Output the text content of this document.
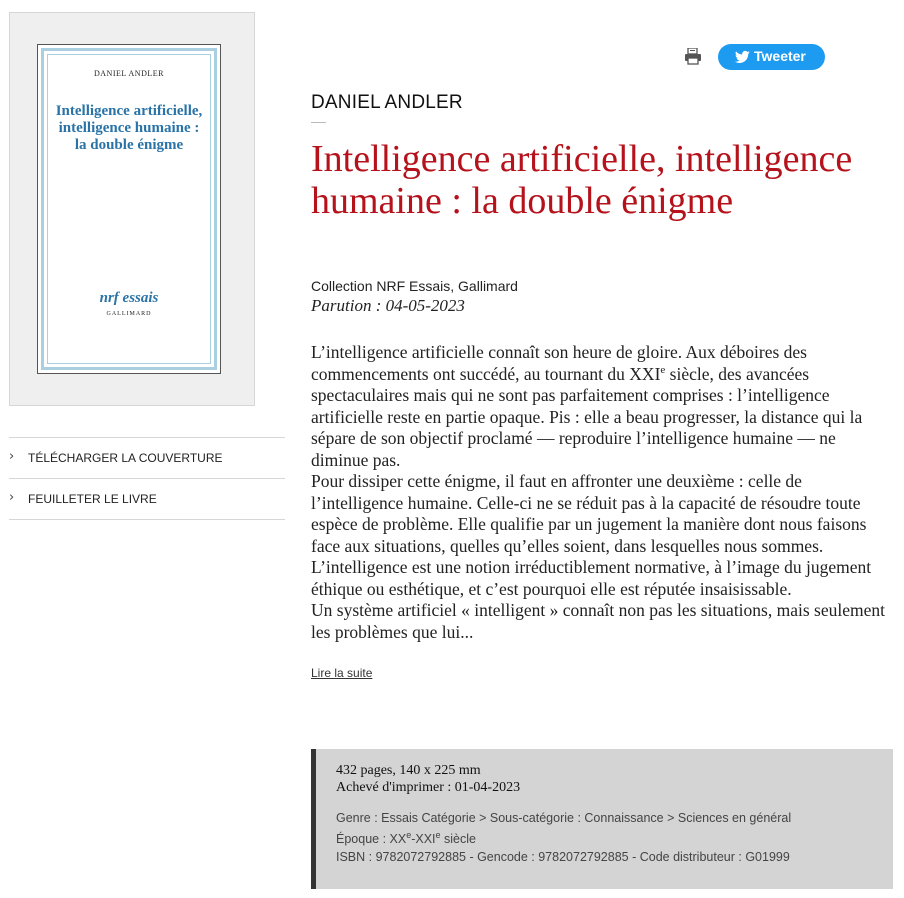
DANIEL ANDLER
Intelligence artificielle,
intelligence humaine :
la double énigme
nrf essais
GALLIMARD
› TÉLÉCHARGER LA COUVERTURE
› FEUILLETER LE LIVRE
Tweeter
DANIEL ANDLER
Intelligence artificielle, intelligence humaine : la double énigme
Collection NRF Essais, Gallimard
Parution : 04-05-2023

L’intelligence artificielle connaît son heure de gloire. Aux déboires des commencements ont succédé, au tournant du XXIe siècle, des avancées spectaculaires mais qui ne sont pas parfaitement comprises : l’intelligence artificielle reste en partie opaque. Pis : elle a beau progresser, la distance qui la sépare de son objectif proclamé — reproduire l’intelligence humaine — ne diminue pas.

Pour dissiper cette énigme, il faut en affronter une deuxième : celle de l’intelligence humaine. Celle-ci ne se réduit pas à la capacité de résoudre toute espèce de problème. Elle qualifie par un jugement la manière dont nous faisons face aux situations, quelles qu’elles soient, dans lesquelles nous sommes. L’intelligence est une notion irréductiblement normative, à l’image du jugement éthique ou esthétique, et c’est pourquoi elle est réputée insaisissable.

Un système artificiel « intelligent » connaît non pas les situations, mais seulement les problèmes que lui...

Lire la suite
432 pages, 140 x 225 mm
Achevé d'imprimer : 01-04-2023
Genre : Essais Catégorie > Sous-catégorie : Connaissance > Sciences en général
Époque : XXe-XXIe siècle
ISBN : 9782072792885 - Gencode : 9782072792885 - Code distributeur : G01999
